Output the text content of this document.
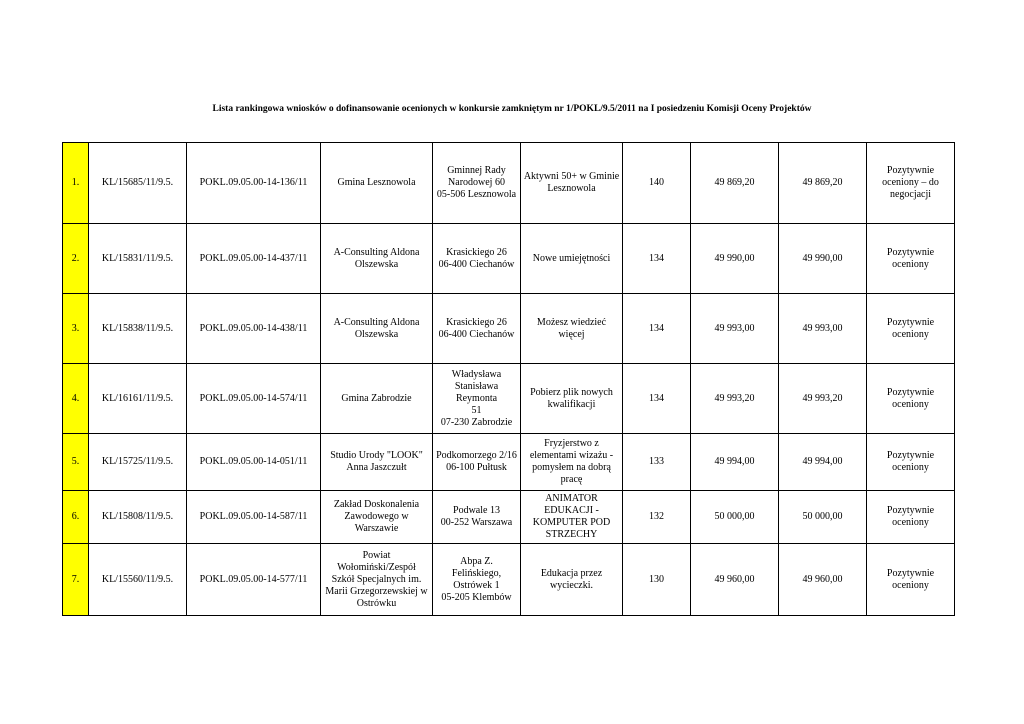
Lista rankingowa wniosków o dofinansowanie ocenionych w konkursie zamkniętym nr 1/POKL/9.5/2011 na I posiedzeniu Komisji Oceny Projektów
1.	KL/15685/11/9.5.	POKL.09.05.00-14-136/11	Gmina Lesznowola	Gminnej Rady
Narodowej 60
05-506 Lesznowola	Aktywni 50+ w Gminie
Lesznowola	140	49 869,20	49 869,20	Pozytywnie
oceniony – do
negocjacji

2.	KL/15831/11/9.5.	POKL.09.05.00-14-437/11	A-Consulting Aldona
Olszewska	Krasickiego 26
06-400 Ciechanów	Nowe umiejętności	134	49 990,00	49 990,00	Pozytywnie
oceniony

3.	KL/15838/11/9.5.	POKL.09.05.00-14-438/11	A-Consulting Aldona
Olszewska	Krasickiego 26
06-400 Ciechanów	Możesz wiedzieć więcej	134	49 993,00	49 993,00	Pozytywnie
oceniony

4.	KL/16161/11/9.5.	POKL.09.05.00-14-574/11	Gmina Zabrodzie	Władysława
Stanisława Reymonta
51
07-230 Zabrodzie	Pobierz plik nowych
kwalifikacji	134	49 993,20	49 993,20	Pozytywnie
oceniony

5.	KL/15725/11/9.5.	POKL.09.05.00-14-051/11	Studio Urody "LOOK"
Anna Jaszczułt	Podkomorzego 2/16
06-100 Pułtusk	Fryzjerstwo z
elementami wizażu -
pomysłem na dobrą pracę	133	49 994,00	49 994,00	Pozytywnie
oceniony

6.	KL/15808/11/9.5.	POKL.09.05.00-14-587/11	Zakład Doskonalenia
Zawodowego w
Warszawie	Podwale 13
00-252 Warszawa	ANIMATOR
EDUKACJI -
KOMPUTER POD
STRZECHY	132	50 000,00	50 000,00	Pozytywnie
oceniony

7.	KL/15560/11/9.5.	POKL.09.05.00-14-577/11	Powiat Wołomiński/Zespół
Szkół Specjalnych im.
Marii Grzegorzewskiej w
Ostrówku	Abpa Z. Felińskiego,
Ostrówek 1
05-205 Klembów	Edukacja przez
wycieczki.	130	49 960,00	49 960,00	Pozytywnie
oceniony
